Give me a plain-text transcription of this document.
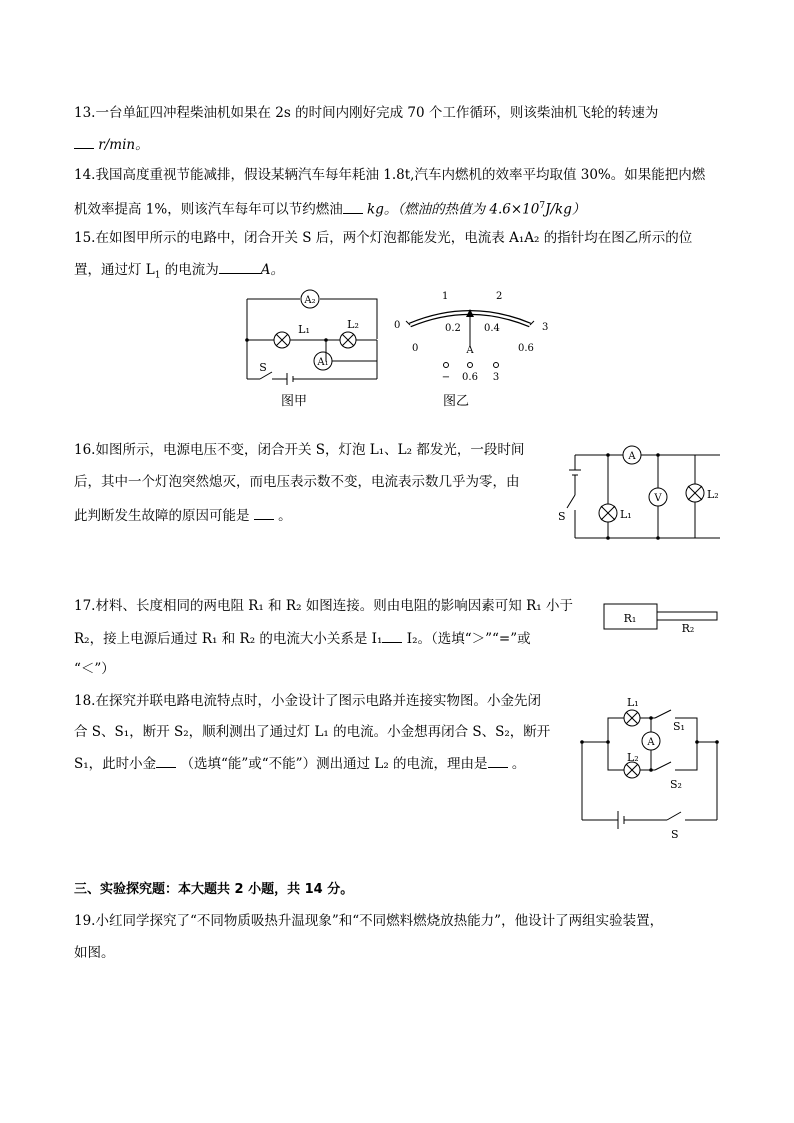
13.一台单缸四冲程柴油机如果在 2s 的时间内刚好完成 70 个工作循环，则该柴油机飞轮的转速为
r/min。
14.我国高度重视节能减排，假设某辆汽车每年耗油 1.8t,汽车内燃机的效率平均取值 30%。如果能把内燃
机效率提高 1%，则该汽车每年可以节约燃油 kg。（燃油的热值为 $4.6\times 10^7J/kg$）
15.在如图甲所示的电路中，闭合开关 S 后，两个灯泡都能发光，电流表 A₁A₂ 的指针均在图乙所示的位
置，通过灯 $L_1$ 的电流为	A。
A₂
A₁
L₁	L₂
S
图甲
0
1	2
3
0
0.2 0.4
0.6
A
− 0.6 3
图乙
16.如图所示，电源电压不变，闭合开关 S，灯泡 L₁、L₂ 都发光，一段时间
后，其中一个灯泡突然熄灭，而电压表示数不变，电流表示数几乎为零，由
此判断发生故障的原因可能是 。
A
V
S	L₁
L₂
17.材料、长度相同的两电阻 R₁ 和 R₂ 如图连接。则由电阻的影响因素可知 R₁ 小于
R₂，接上电源后通过 R₁ 和 R₂ 的电流大小关系是 I₁ I₂。（选填“＞”“=”或
“＜”）
R₁
R₂
18.在探究并联电路电流特点时，小金设计了图示电路并连接实物图。小金先闭
合 S、S₁，断开 S₂，顺利测出了通过灯 L₁ 的电流。小金想再闭合 S、S₂，断开
S₁，此时小金 （选填“能”或“不能”）测出通过 L₂ 的电流，理由是 。
L₁
L₂
S₁
S₂
S
A
三、实验探究题：本大题共 2 小题，共 14 分。
19.小红同学探究了“不同物质吸热升温现象”和“不同燃料燃烧放热能力”，他设计了两组实验装置，
如图。
